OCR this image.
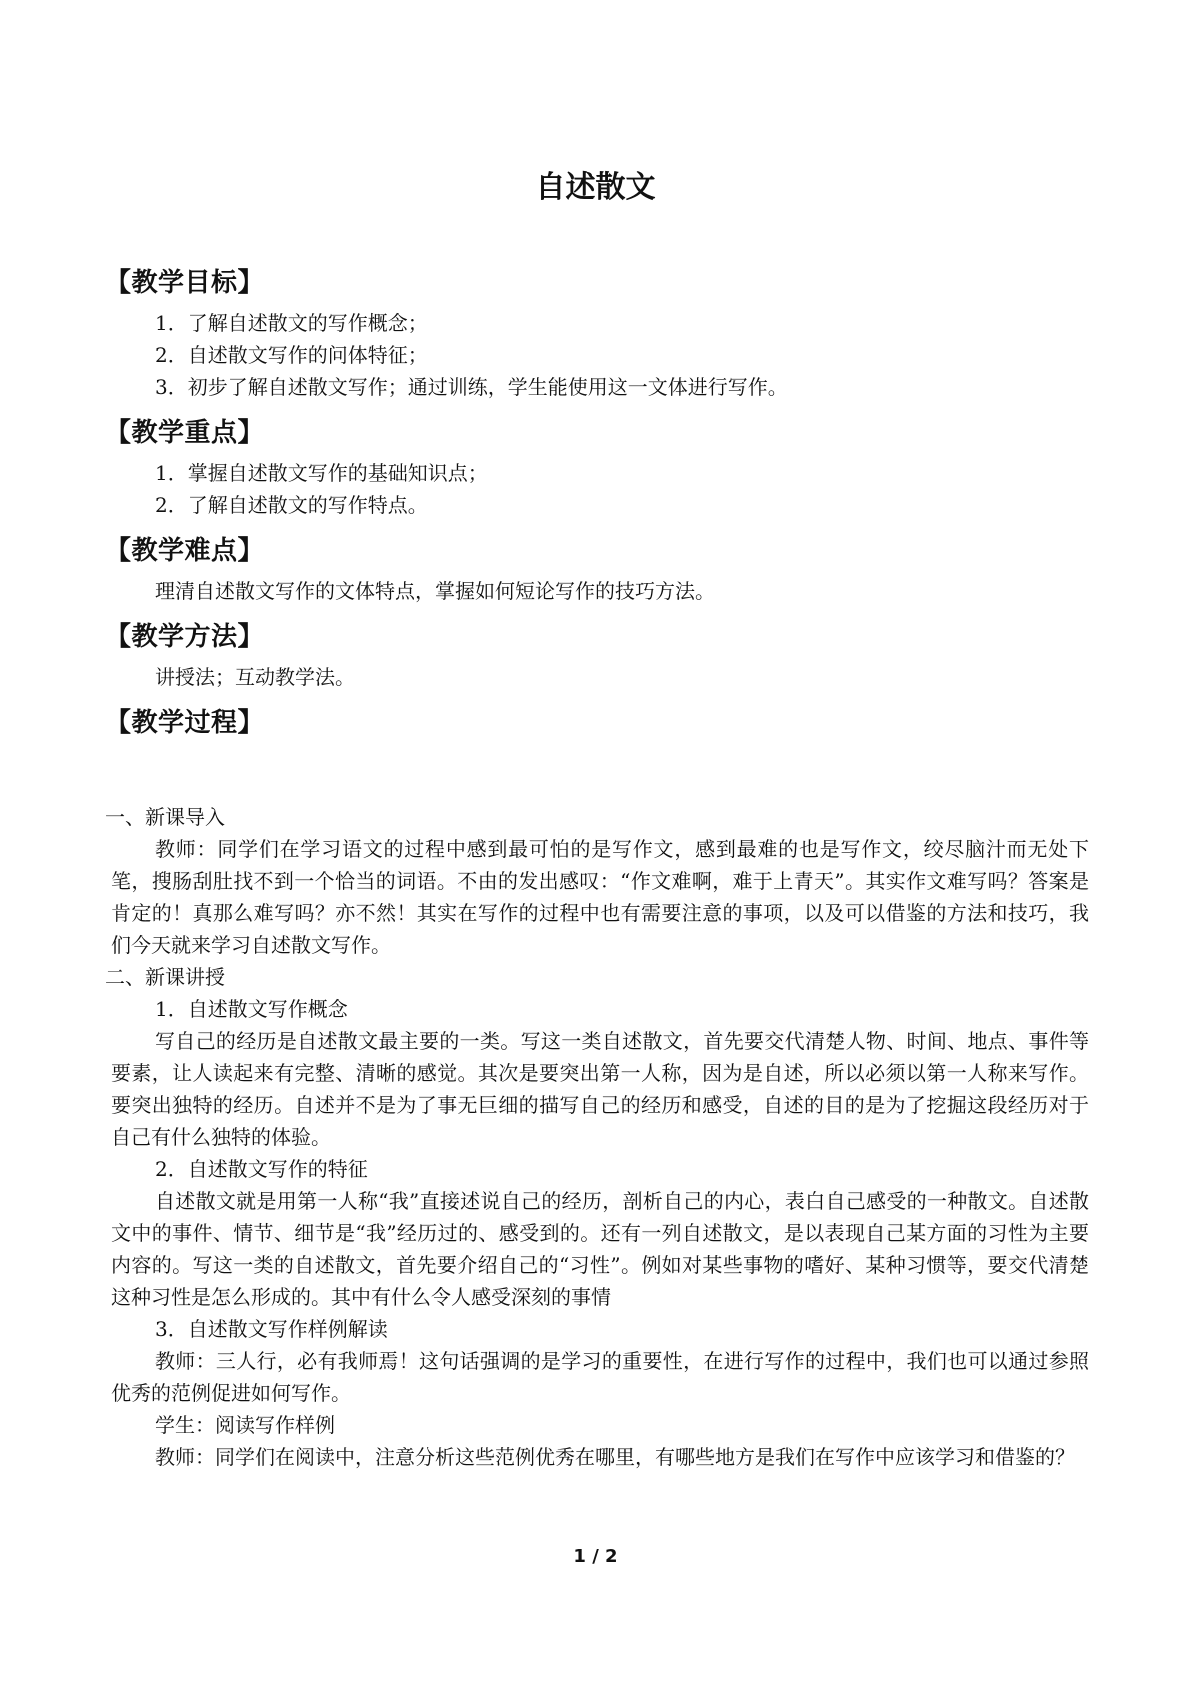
自述散文
【教学目标】

1．了解自述散文的写作概念；

2．自述散文写作的问体特征；

3．初步了解自述散文写作；通过训练，学生能使用这一文体进行写作。

【教学重点】

1．掌握自述散文写作的基础知识点；

2．了解自述散文的写作特点。

【教学难点】

理清自述散文写作的文体特点，掌握如何短论写作的技巧方法。

【教学方法】

讲授法；互动教学法。

【教学过程】

一、新课导入

教师：同学们在学习语文的过程中感到最可怕的是写作文，感到最难的也是写作文，绞尽脑汁而无处下笔，搜肠刮肚找不到一个恰当的词语。不由的发出感叹：“作文难啊，难于上青天”。其实作文难写吗？答案是肯定的！真那么难写吗？亦不然！其实在写作的过程中也有需要注意的事项，以及可以借鉴的方法和技巧，我们今天就来学习自述散文写作。

二、新课讲授

1．自述散文写作概念

写自己的经历是自述散文最主要的一类。写这一类自述散文，首先要交代清楚人物、时间、地点、事件等要素，让人读起来有完整、清晰的感觉。其次是要突出第一人称，因为是自述，所以必须以第一人称来写作。要突出独特的经历。自述并不是为了事无巨细的描写自己的经历和感受，自述的目的是为了挖掘这段经历对于自己有什么独特的体验。

2．自述散文写作的特征

自述散文就是用第一人称“我”直接述说自己的经历，剖析自己的内心，表白自己感受的一种散文。自述散文中的事件、情节、细节是“我”经历过的、感受到的。还有一列自述散文，是以表现自己某方面的习性为主要内容的。写这一类的自述散文，首先要介绍自己的“习性”。例如对某些事物的嗜好、某种习惯等，要交代清楚这种习性是怎么形成的。其中有什么令人感受深刻的事情

3．自述散文写作样例解读

教师：三人行，必有我师焉！这句话强调的是学习的重要性，在进行写作的过程中，我们也可以通过参照优秀的范例促进如何写作。

学生：阅读写作样例

教师：同学们在阅读中，注意分析这些范例优秀在哪里，有哪些地方是我们在写作中应该学习和借鉴的？

1 / 2
